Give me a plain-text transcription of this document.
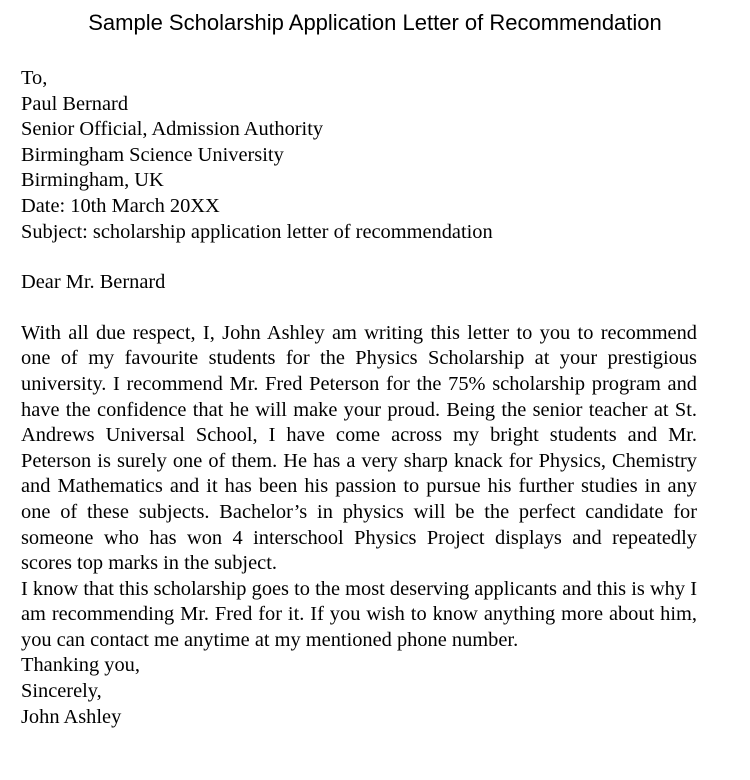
Sample Scholarship Application Letter of Recommendation
To,
Paul Bernard
Senior Official, Admission Authority
Birmingham Science University
Birmingham, UK
Date: 10th March 20XX
Subject: scholarship application letter of recommendation
Dear Mr. Bernard
With all due respect, I, John Ashley am writing this letter to you to recommend one of my favourite students for the Physics Scholarship at your prestigious university. I recommend Mr. Fred Peterson for the 75% scholarship program and have the confidence that he will make your proud. Being the senior teacher at St. Andrews Universal School, I have come across my bright students and Mr. Peterson is surely one of them. He has a very sharp knack for Physics, Chemistry and Mathematics and it has been his passion to pursue his further studies in any one of these subjects. Bachelor’s in physics will be the perfect candidate for someone who has won 4 interschool Physics Project displays and repeatedly scores top marks in the subject.
I know that this scholarship goes to the most deserving applicants and this is why I am recommending Mr. Fred for it. If you wish to know anything more about him, you can contact me anytime at my mentioned phone number.
Thanking you,
Sincerely,
John Ashley
